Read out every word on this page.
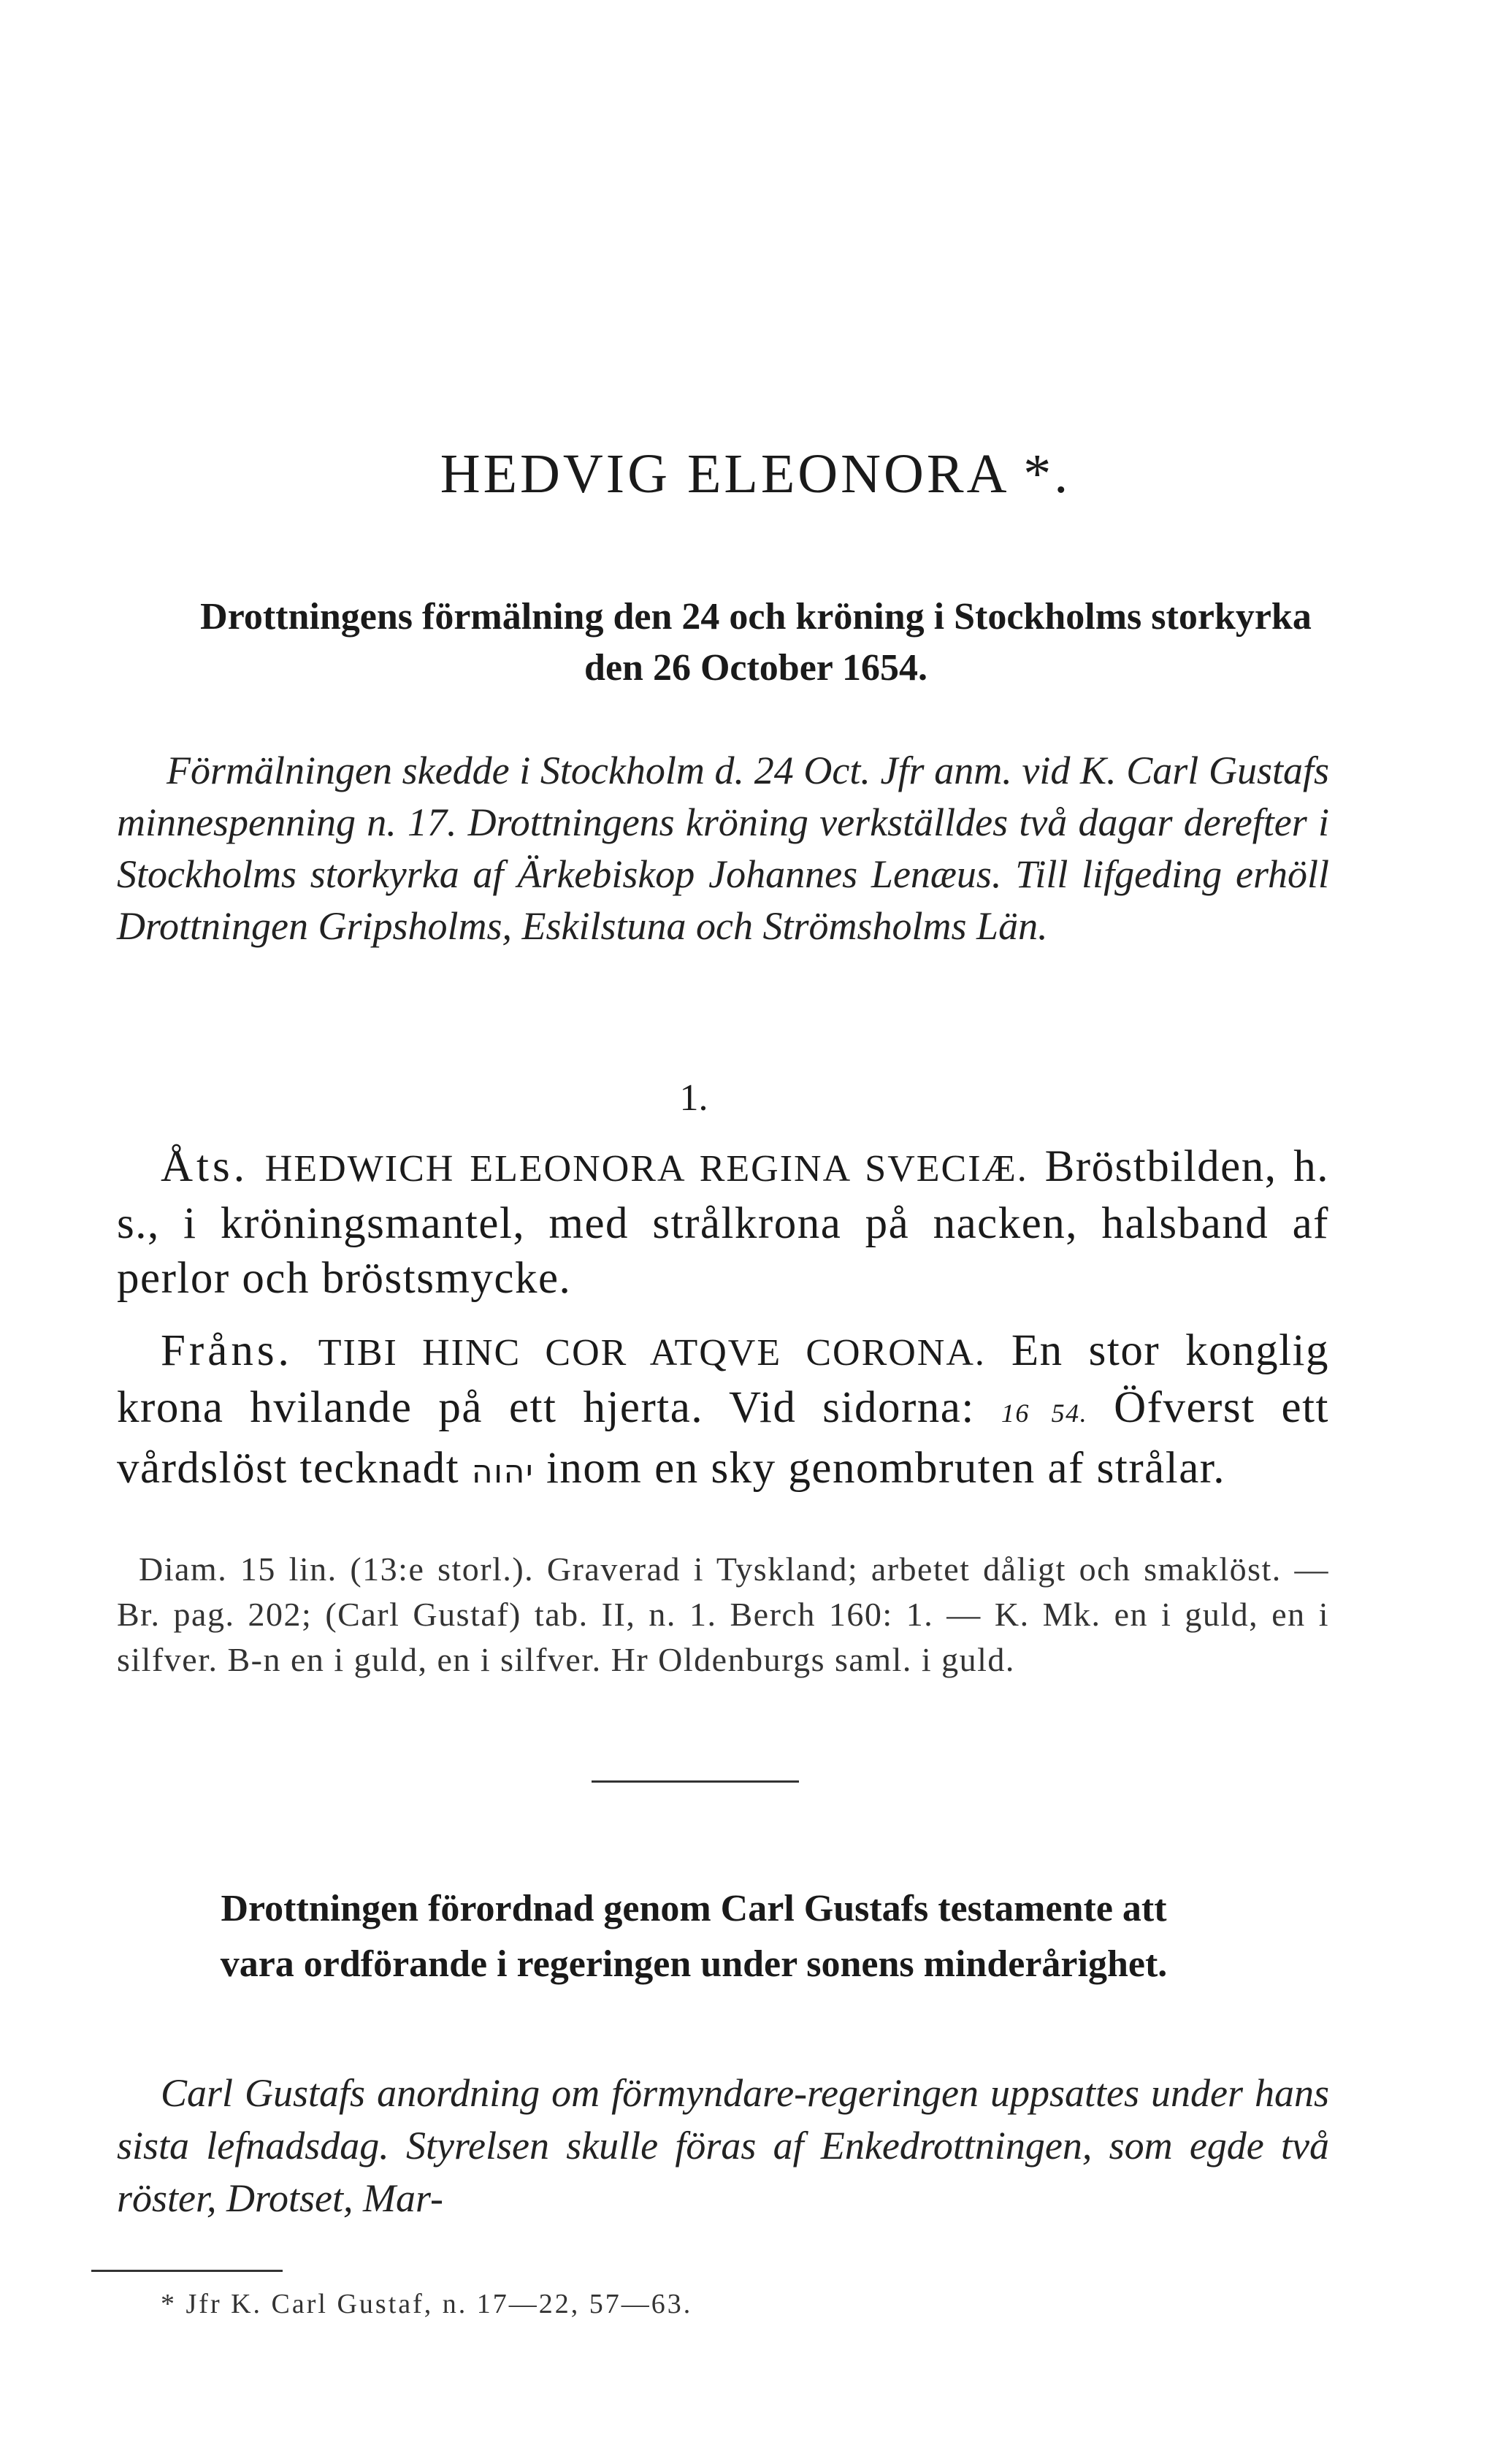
HEDVIG ELEONORA *.

Drottningens förmälning den 24 och kröning i Stockholms storkyrka den 26 October 1654.

Förmälningen skedde i Stockholm d. 24 Oct. Jfr anm. vid K. Carl Gustafs minnespenning n. 17. Drottningens kröning verkställdes två dagar derefter i Stockholms storkyrka af Ärkebiskop Johannes Lenæus. Till lifgeding erhöll Drottningen Gripsholms, Eskilstuna och Strömsholms Län.

1.

Åts. HEDWICH ELEONORA REGINA SVECIÆ. Bröstbilden, h. s., i kröningsmantel, med strålkrona på nacken, halsband af perlor och bröstsmycke.

Fråns. TIBI HINC COR ATQVE CORONA. En stor konglig krona hvilande på ett hjerta. Vid sidorna: 16 54. Öfverst ett vårdslöst tecknadt יהוה inom en sky genombruten af strålar.

Diam. 15 lin. (13:e storl.). Graverad i Tyskland; arbetet dåligt och smaklöst. — Br. pag. 202; (Carl Gustaf) tab. II, n. 1. Berch 160: 1. — K. Mk. en i guld, en i silfver. B-n en i guld, en i silfver. Hr Oldenburgs saml. i guld.

Drottningen förordnad genom Carl Gustafs testamente att vara ordförande i regeringen under sonens minderårighet.

Carl Gustafs anordning om förmyndare-regeringen uppsattes under hans sista lefnadsdag. Styrelsen skulle föras af Enkedrottningen, som egde två röster, Drotset, Mar-

* Jfr K. Carl Gustaf, n. 17—22, 57—63.
